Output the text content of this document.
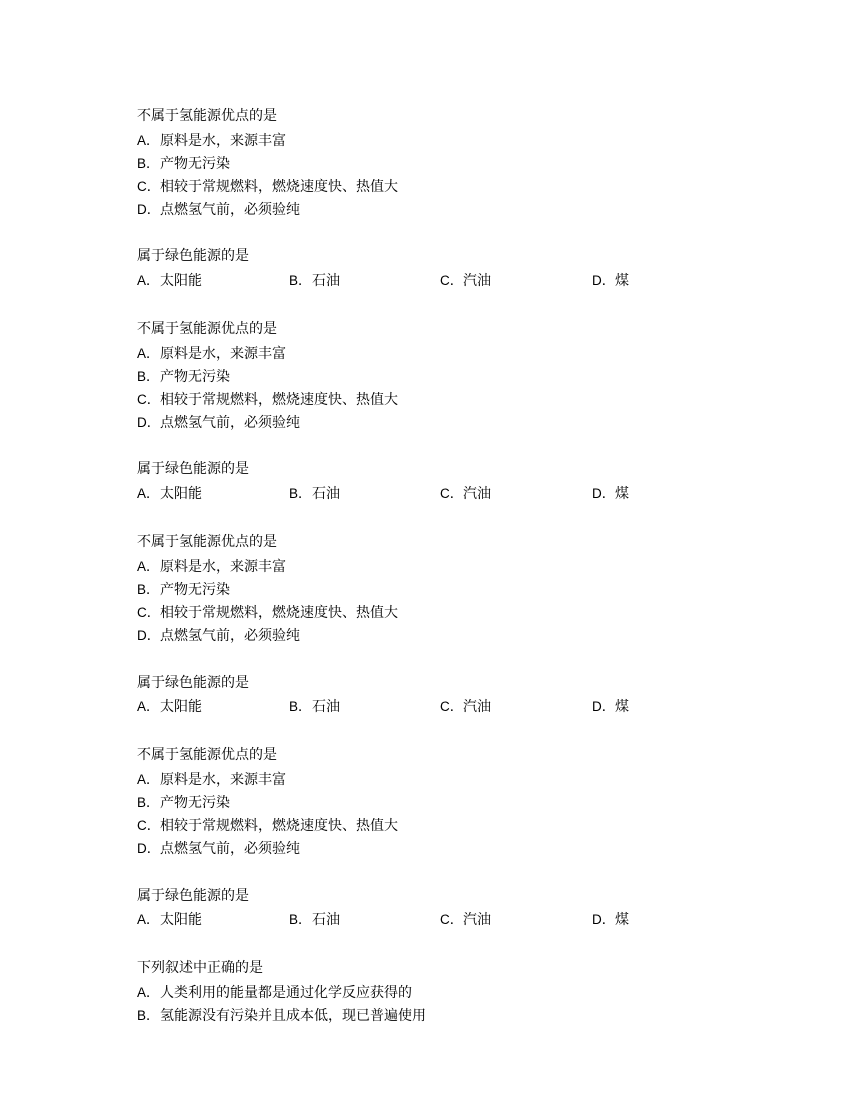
不属于氢能源优点的是
A．原料是水，来源丰富
B．产物无污染
C．相较于常规燃料，燃烧速度快、热值大
D．点燃氢气前，必须验纯
属于绿色能源的是
A．太阳能	B．石油	C．汽油	D．煤
不属于氢能源优点的是
A．原料是水，来源丰富
B．产物无污染
C．相较于常规燃料，燃烧速度快、热值大
D．点燃氢气前，必须验纯
属于绿色能源的是
A．太阳能	B．石油	C．汽油	D．煤
不属于氢能源优点的是
A．原料是水，来源丰富
B．产物无污染
C．相较于常规燃料，燃烧速度快、热值大
D．点燃氢气前，必须验纯
属于绿色能源的是
A．太阳能	B．石油	C．汽油	D．煤
不属于氢能源优点的是
A．原料是水，来源丰富
B．产物无污染
C．相较于常规燃料，燃烧速度快、热值大
D．点燃氢气前，必须验纯
属于绿色能源的是
A．太阳能	B．石油	C．汽油	D．煤
下列叙述中正确的是
A．人类利用的能量都是通过化学反应获得的
B．氢能源没有污染并且成本低，现已普遍使用
